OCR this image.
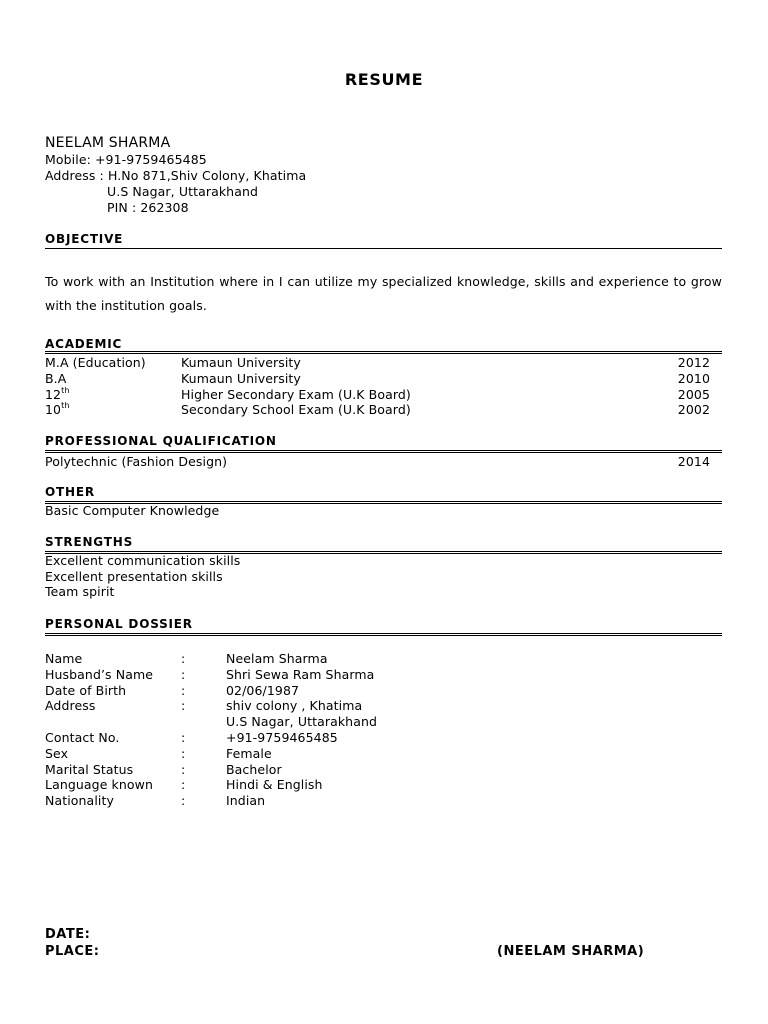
RESUME
NEELAM SHARMA
Mobile: +91-9759465485
Address : H.No 871,Shiv Colony, Khatima
U.S Nagar, Uttarakhand
PIN : 262308
OBJECTIVE
To work with an Institution where in I can utilize my specialized knowledge, skills and experience to grow with the institution goals.
ACADEMIC
M.A (Education)	Kumaun University	2012
B.A	Kumaun University	2010
12th	Higher Secondary Exam (U.K Board)	2005
10th	Secondary School Exam (U.K Board)	2002
PROFESSIONAL QUALIFICATION
Polytechnic (Fashion Design)	2014
OTHER
Basic Computer Knowledge
STRENGTHS
Excellent communication skills
Excellent presentation skills
Team spirit
PERSONAL DOSSIER
Name	:	Neelam Sharma
Husband’s Name :	Shri Sewa Ram Sharma
Date of Birth	:	02/06/1987
Address	:	shiv colony , Khatima
U.S Nagar, Uttarakhand
Contact No.	:	+91-9759465485
Sex	:	Female
Marital Status	:	Bachelor
Language known :	Hindi & English
Nationality	:	Indian
DATE:
PLACE:	(NEELAM SHARMA)
